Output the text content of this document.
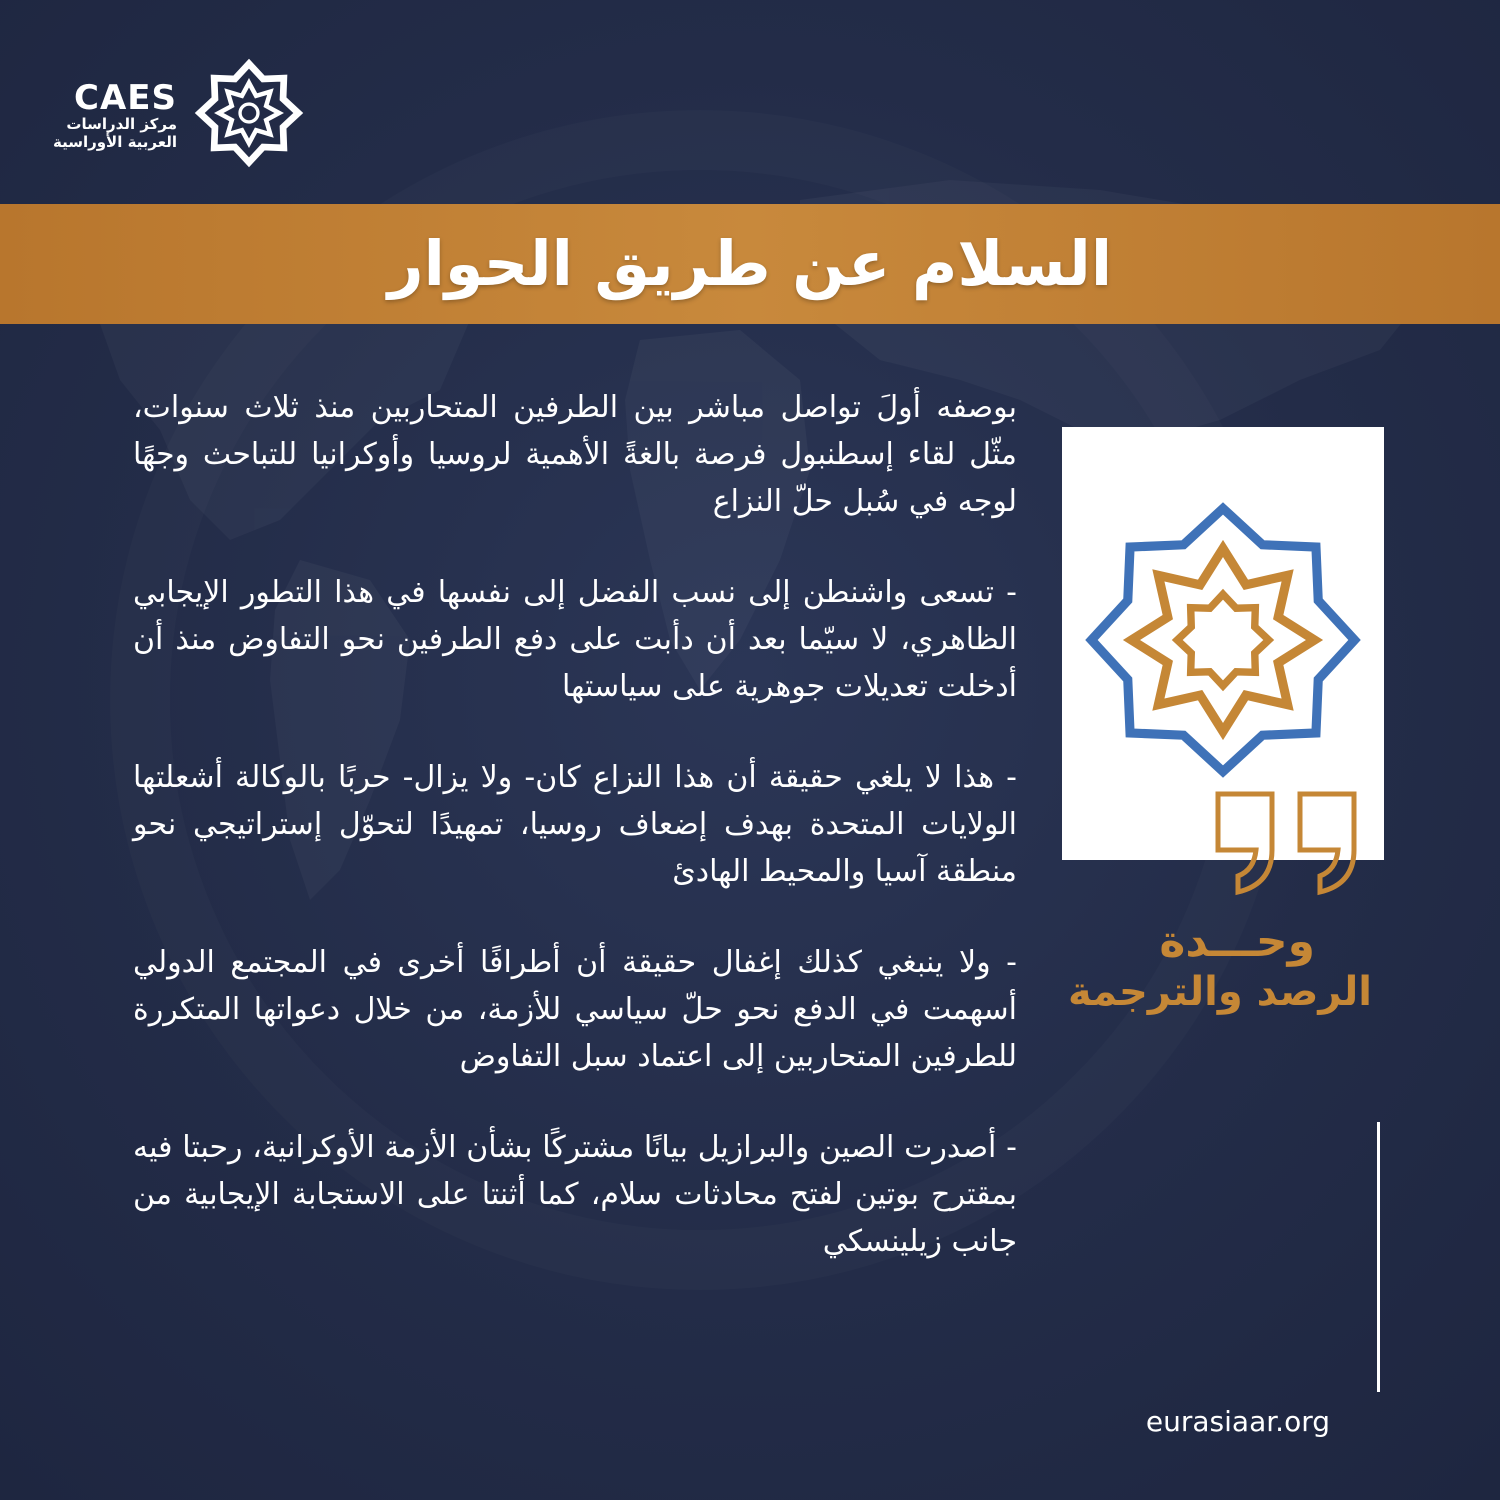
CAES

مركز الدراسات

العربية الأوراسية

السلام عن طريق الحوار

بوصفه أولَ تواصل مباشر بين الطرفين المتحاربين منذ ثلاث سنوات، مثّل لقاء إسطنبول فرصة بالغةً الأهمية لروسيا وأوكرانيا للتباحث وجهًا لوجه في سُبل حلّ النزاع

- تسعى واشنطن إلى نسب الفضل إلى نفسها في هذا التطور الإيجابي الظاهري، لا سيّما بعد أن دأبت على دفع الطرفين نحو التفاوض منذ أن أدخلت تعديلات جوهرية على سياستها

- هذا لا يلغي حقيقة أن هذا النزاع كان- ولا يزال- حربًا بالوكالة أشعلتها الولايات المتحدة بهدف إضعاف روسيا، تمهيدًا لتحوّل إستراتيجي نحو منطقة آسيا والمحيط الهادئ

- ولا ينبغي كذلك إغفال حقيقة أن أطرافًا أخرى في المجتمع الدولي أسهمت في الدفع نحو حلّ سياسي للأزمة، من خلال دعواتها المتكررة للطرفين المتحاربين إلى اعتماد سبل التفاوض

- أصدرت الصين والبرازيل بيانًا مشتركًا بشأن الأزمة الأوكرانية، رحبتا فيه بمقترح بوتين لفتح محادثات سلام، كما أثنتا على الاستجابة الإيجابية من جانب زيلينسكي

وحـــدة

الرصد والترجمة

eurasiaar.org
